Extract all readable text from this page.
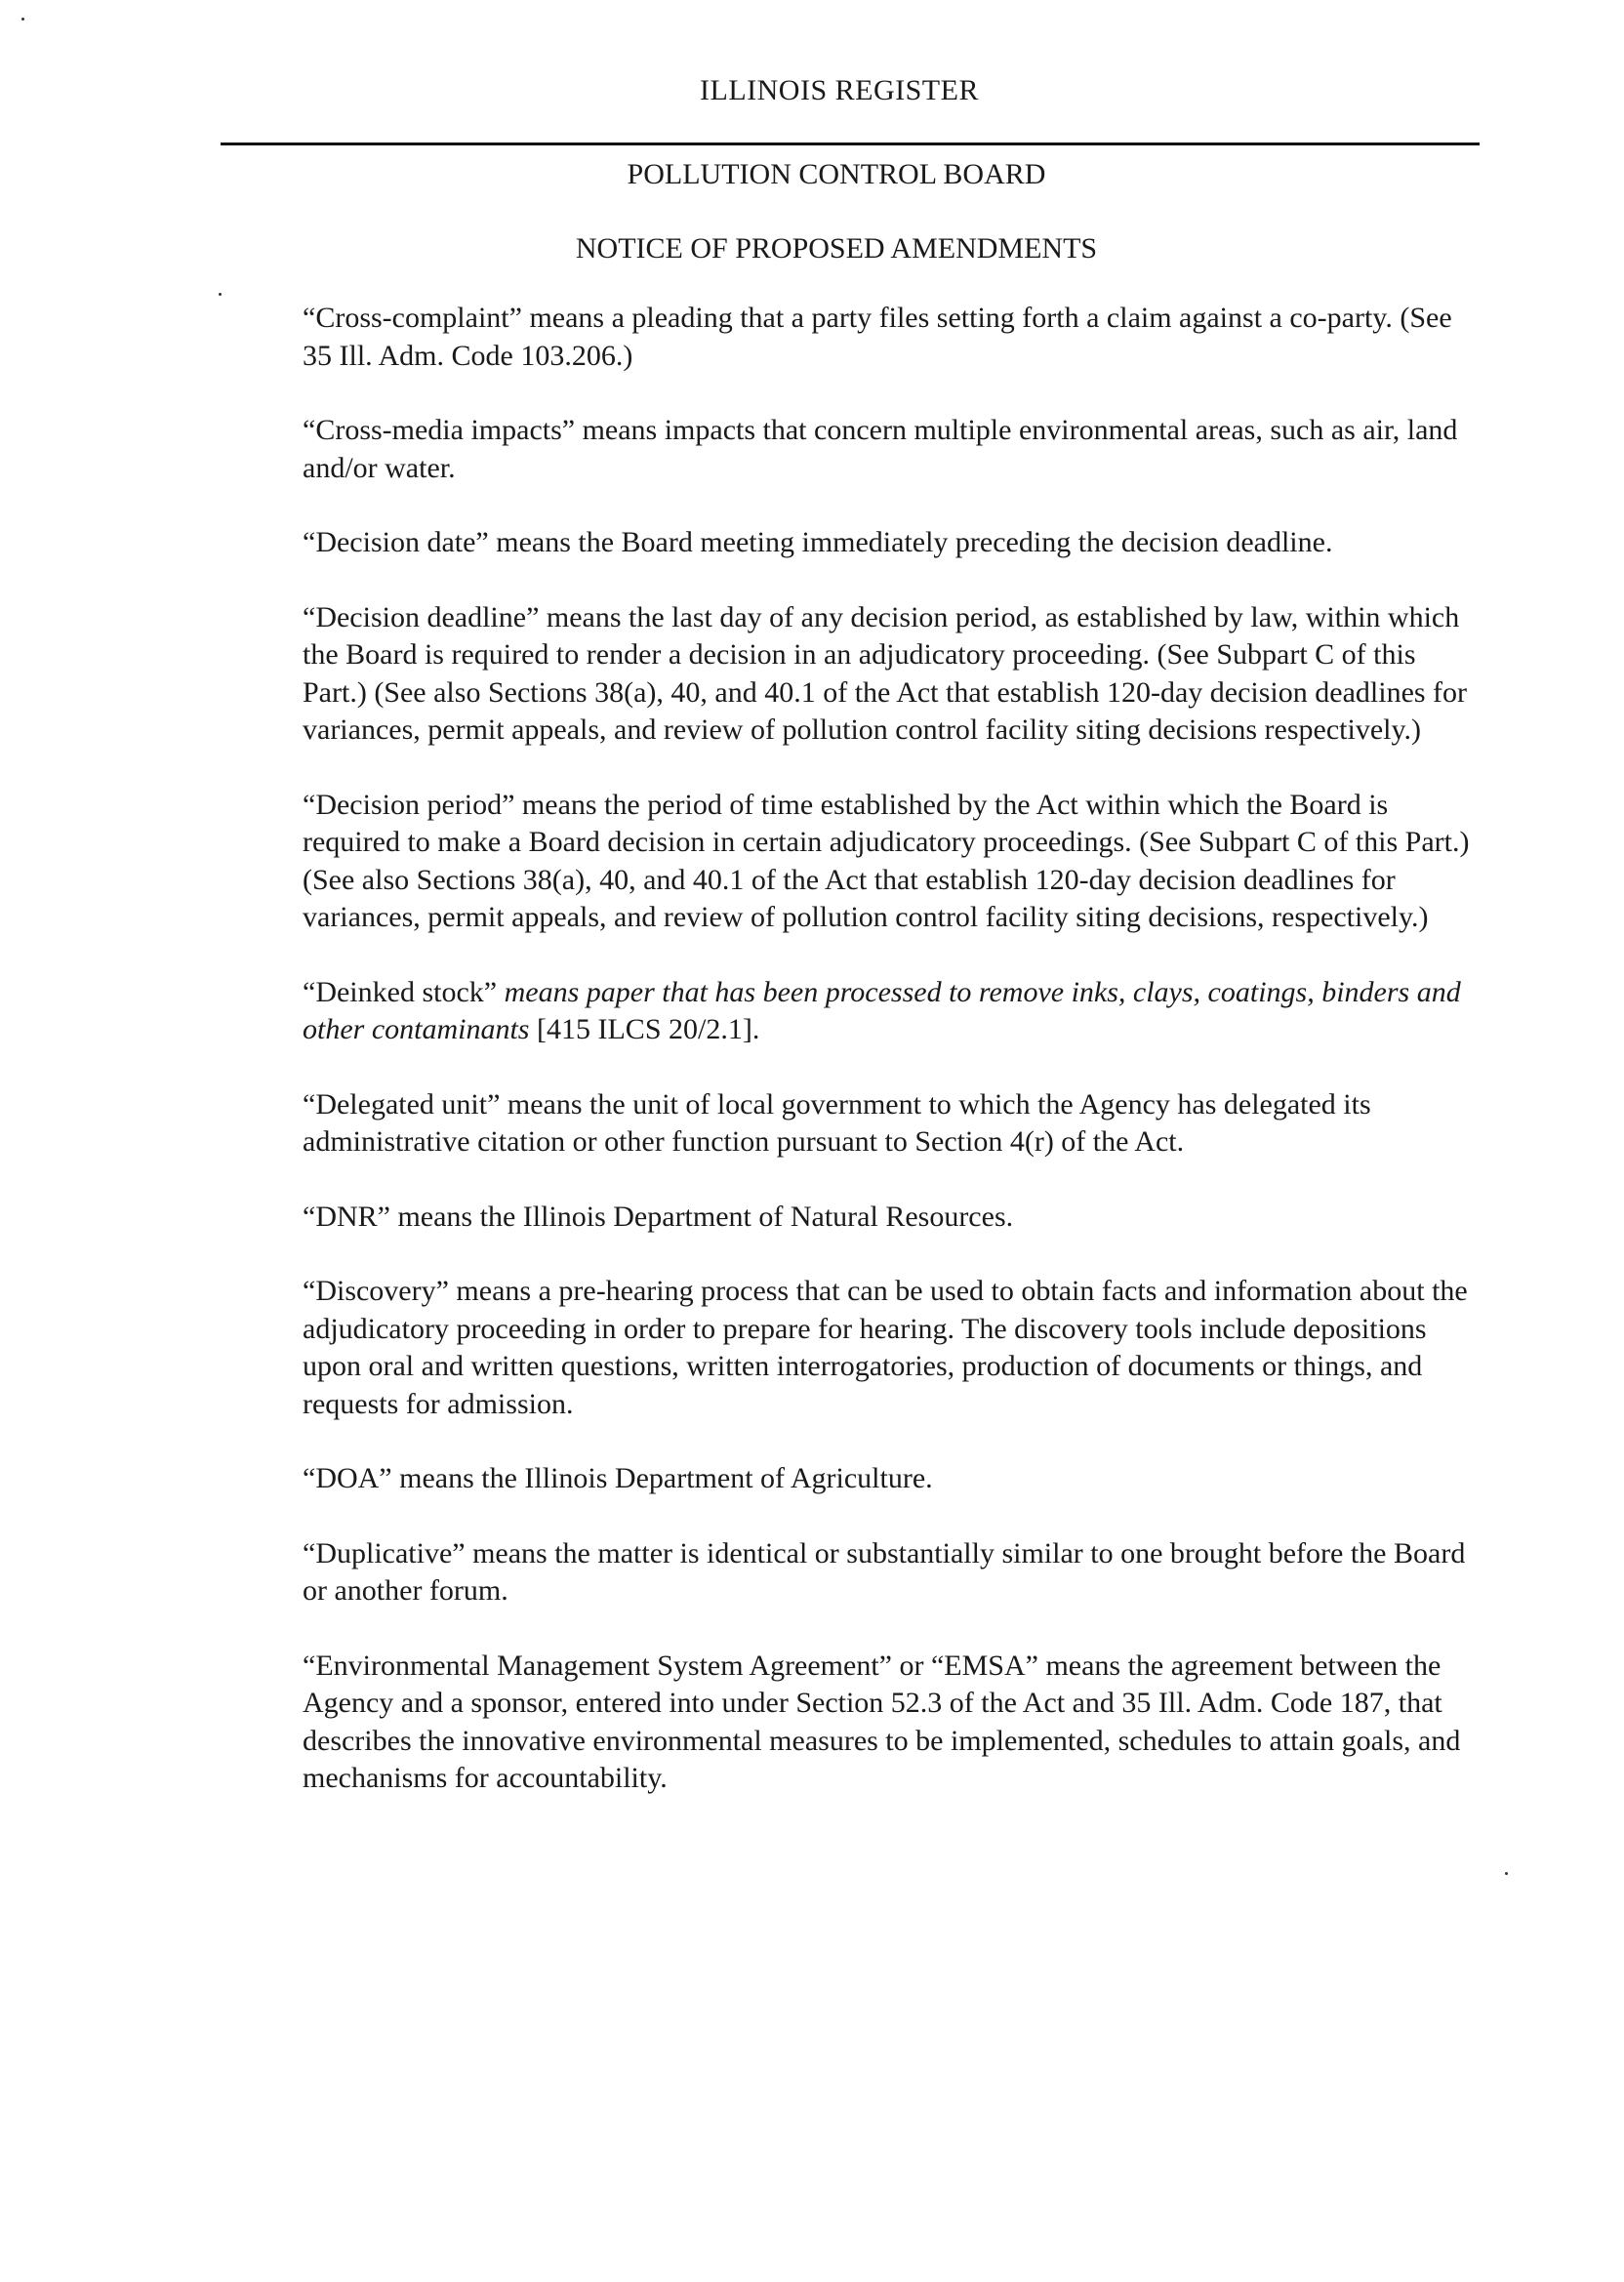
ILLINOIS REGISTER
POLLUTION CONTROL BOARD
NOTICE OF PROPOSED AMENDMENTS

“Cross-complaint” means a pleading that a party files setting forth a claim against a co-party. (See 35 Ill. Adm. Code 103.206.)

“Cross-media impacts” means impacts that concern multiple environmental areas, such as air, land and/or water.

“Decision date” means the Board meeting immediately preceding the decision deadline.

“Decision deadline” means the last day of any decision period, as established by law, within which the Board is required to render a decision in an adjudicatory proceeding. (See Subpart C of this Part.) (See also Sections 38(a), 40, and 40.1 of the Act that establish 120-day decision deadlines for variances, permit appeals, and review of pollution control facility siting decisions respectively.)

“Decision period” means the period of time established by the Act within which the Board is required to make a Board decision in certain adjudicatory proceedings. (See Subpart C of this Part.) (See also Sections 38(a), 40, and 40.1 of the Act that establish 120-day decision deadlines for variances, permit appeals, and review of pollution control facility siting decisions, respectively.)

“Deinked stock” means paper that has been processed to remove inks, clays, coatings, binders and other contaminants [415 ILCS 20/2.1].

“Delegated unit” means the unit of local government to which the Agency has delegated its administrative citation or other function pursuant to Section 4(r) of the Act.

“DNR” means the Illinois Department of Natural Resources.

“Discovery” means a pre-hearing process that can be used to obtain facts and information about the adjudicatory proceeding in order to prepare for hearing. The discovery tools include depositions upon oral and written questions, written interrogatories, production of documents or things, and requests for admission.

“DOA” means the Illinois Department of Agriculture.

“Duplicative” means the matter is identical or substantially similar to one brought before the Board or another forum.

“Environmental Management System Agreement” or “EMSA” means the agreement between the Agency and a sponsor, entered into under Section 52.3 of the Act and 35 Ill. Adm. Code 187, that describes the innovative environmental measures to be implemented, schedules to attain goals, and mechanisms for accountability.
